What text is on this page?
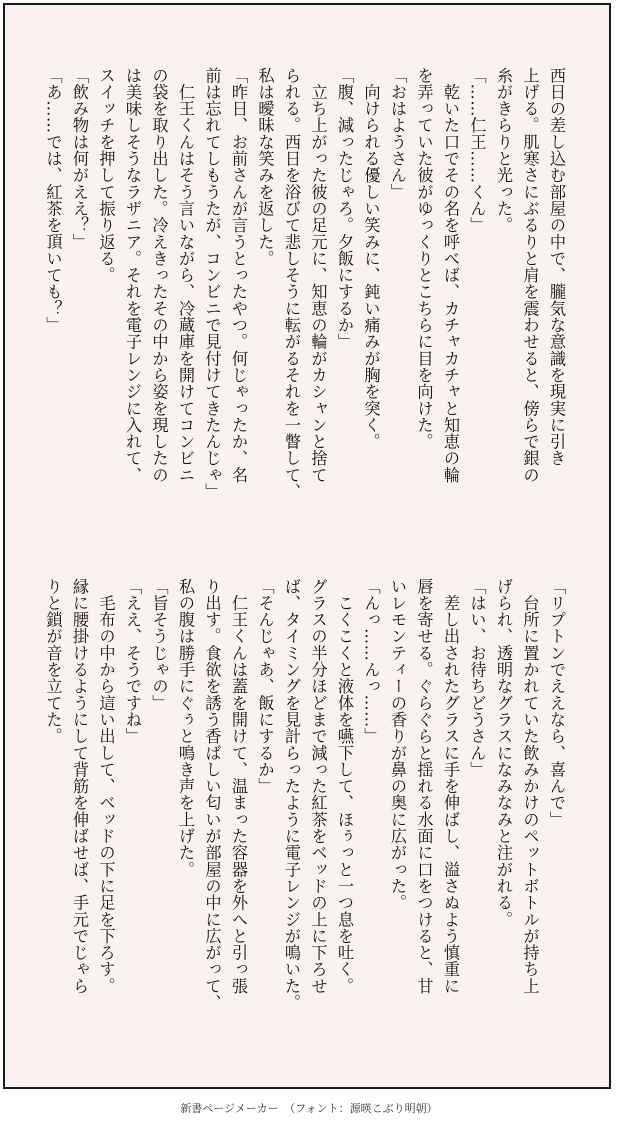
西日の差し込む部屋の中で、朧気な意識を現実に引き
上げる。肌寒さにぶるりと肩を震わせると、傍らで銀の
糸がきらりと光った。
「……仁王……くん」
　乾いた口でその名を呼べば、カチャカチャと知恵の輪
を弄っていた彼がゆっくりとこちらに目を向けた。
「おはようさん」
　向けられる優しい笑みに、鈍い痛みが胸を突く。
「腹、減ったじゃろ。夕飯にするか」
　立ち上がった彼の足元に、知恵の輪がカシャンと捨て
られる。西日を浴びて悲しそうに転がるそれを一瞥して、
私は曖昧な笑みを返した。
「昨日、お前さんが言うとったやつ。何じゃったか、名
前は忘れてしもうたが、コンビニで見付けてきたんじゃ」
　仁王くんはそう言いながら、冷蔵庫を開けてコンビニ
の袋を取り出した。冷えきったその中から姿を現したの
は美味しそうなラザニア。それを電子レンジに入れて、
スイッチを押して振り返る。
「飲み物は何がええ？」
「あ……では、紅茶を頂いても？」
「リプトンでええなら、喜んで」
　台所に置かれていた飲みかけのペットボトルが持ち上
げられ、透明なグラスになみなみと注がれる。
「はい、お待ちどうさん」
　差し出されたグラスに手を伸ばし、溢さぬよう慎重に
唇を寄せる。ぐらぐらと揺れる水面に口をつけると、甘
いレモンティーの香りが鼻の奥に広がった。
「んっ……んっ……」
　こくこくと液体を嚥下して、ほぅっと一つ息を吐く。
グラスの半分ほどまで減った紅茶をベッドの上に下ろせ
ば、タイミングを見計らったように電子レンジが鳴いた。
「そんじゃあ、飯にするか」
　仁王くんは蓋を開けて、温まった容器を外へと引っ張
り出す。食欲を誘う香ばしい匂いが部屋の中に広がって、
私の腹は勝手にぐぅと鳴き声を上げた。
「旨そうじゃの」
「ええ、そうですね」
　毛布の中から這い出して、ベッドの下に足を下ろす。
縁に腰掛けるようにして背筋を伸ばせば、手元でじゃら
りと鎖が音を立てた。
新書ページメーカー　（フォント：源暎こぶり明朝）
